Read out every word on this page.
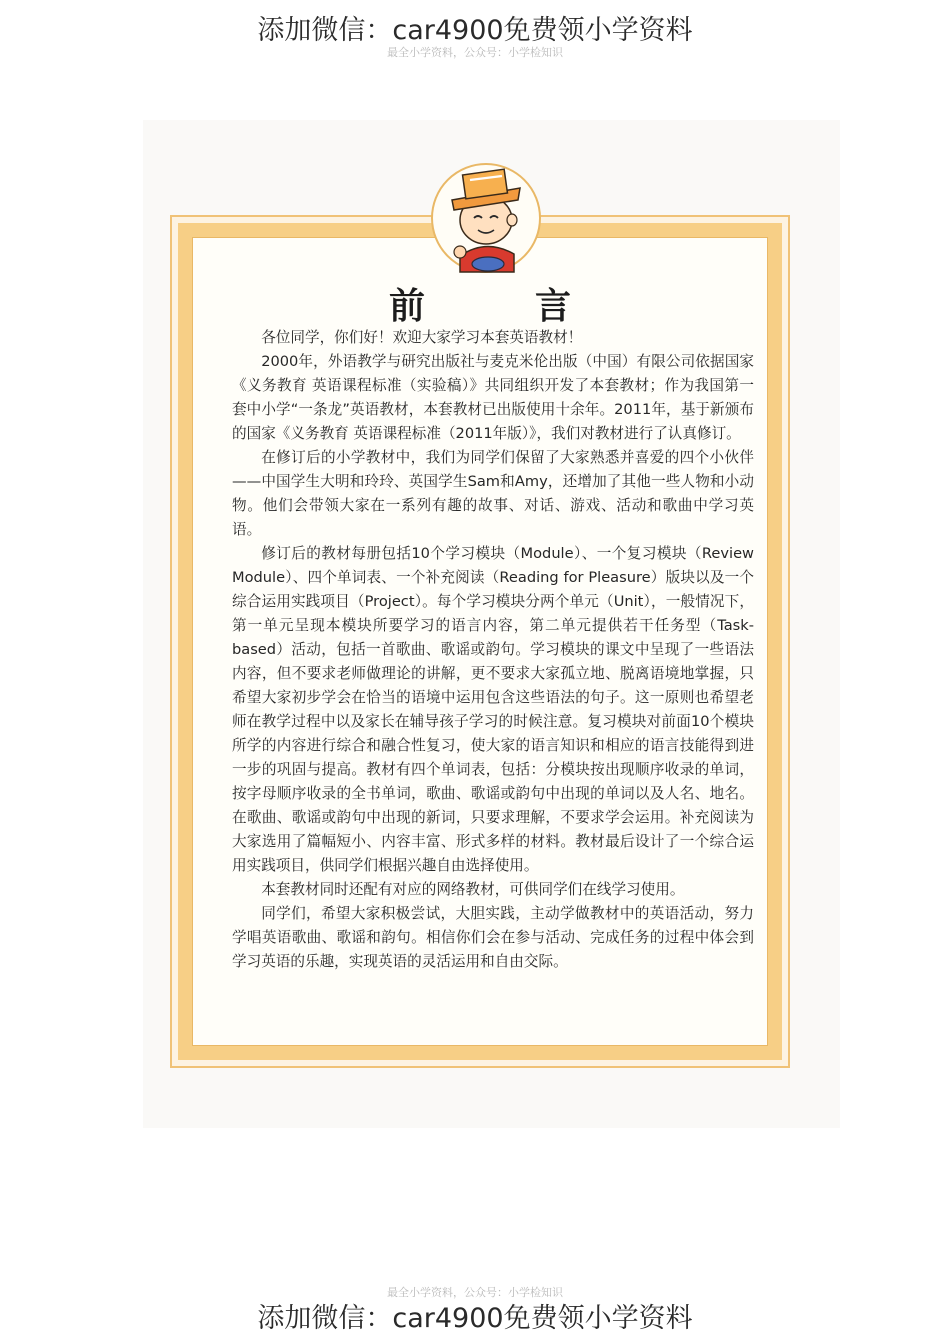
添加微信：car4900免费领小学资料
最全小学资料，公众号：小学检知识
前	言

各位同学，你们好！欢迎大家学习本套英语教材！

2000年，外语教学与研究出版社与麦克米伦出版（中国）有限公司依据国家《义务教育 英语课程标准（实验稿）》共同组织开发了本套教材；作为我国第一套中小学“一条龙”英语教材，本套教材已出版使用十余年。2011年，基于新颁布的国家《义务教育 英语课程标准（2011年版）》，我们对教材进行了认真修订。

在修订后的小学教材中，我们为同学们保留了大家熟悉并喜爱的四个小伙伴——中国学生大明和玲玲、英国学生Sam和Amy，还增加了其他一些人物和小动物。他们会带领大家在一系列有趣的故事、对话、游戏、活动和歌曲中学习英语。

修订后的教材每册包括10个学习模块（Module）、一个复习模块（Review Module）、四个单词表、一个补充阅读（Reading for Pleasure）版块以及一个综合运用实践项目（Project）。每个学习模块分两个单元（Unit），一般情况下，第一单元呈现本模块所要学习的语言内容，第二单元提供若干任务型（Task-based）活动，包括一首歌曲、歌谣或韵句。学习模块的课文中呈现了一些语法内容，但不要求老师做理论的讲解，更不要求大家孤立地、脱离语境地掌握，只希望大家初步学会在恰当的语境中运用包含这些语法的句子。这一原则也希望老师在教学过程中以及家长在辅导孩子学习的时候注意。复习模块对前面10个模块所学的内容进行综合和融合性复习，使大家的语言知识和相应的语言技能得到进一步的巩固与提高。教材有四个单词表，包括：分模块按出现顺序收录的单词，按字母顺序收录的全书单词，歌曲、歌谣或韵句中出现的单词以及人名、地名。在歌曲、歌谣或韵句中出现的新词，只要求理解，不要求学会运用。补充阅读为大家选用了篇幅短小、内容丰富、形式多样的材料。教材最后设计了一个综合运用实践项目，供同学们根据兴趣自由选择使用。

本套教材同时还配有对应的网络教材，可供同学们在线学习使用。

同学们，希望大家积极尝试，大胆实践，主动学做教材中的英语活动，努力学唱英语歌曲、歌谣和韵句。相信你们会在参与活动、完成任务的过程中体会到学习英语的乐趣，实现英语的灵活运用和自由交际。

最全小学资料，公众号：小学检知识
添加微信：car4900免费领小学资料
